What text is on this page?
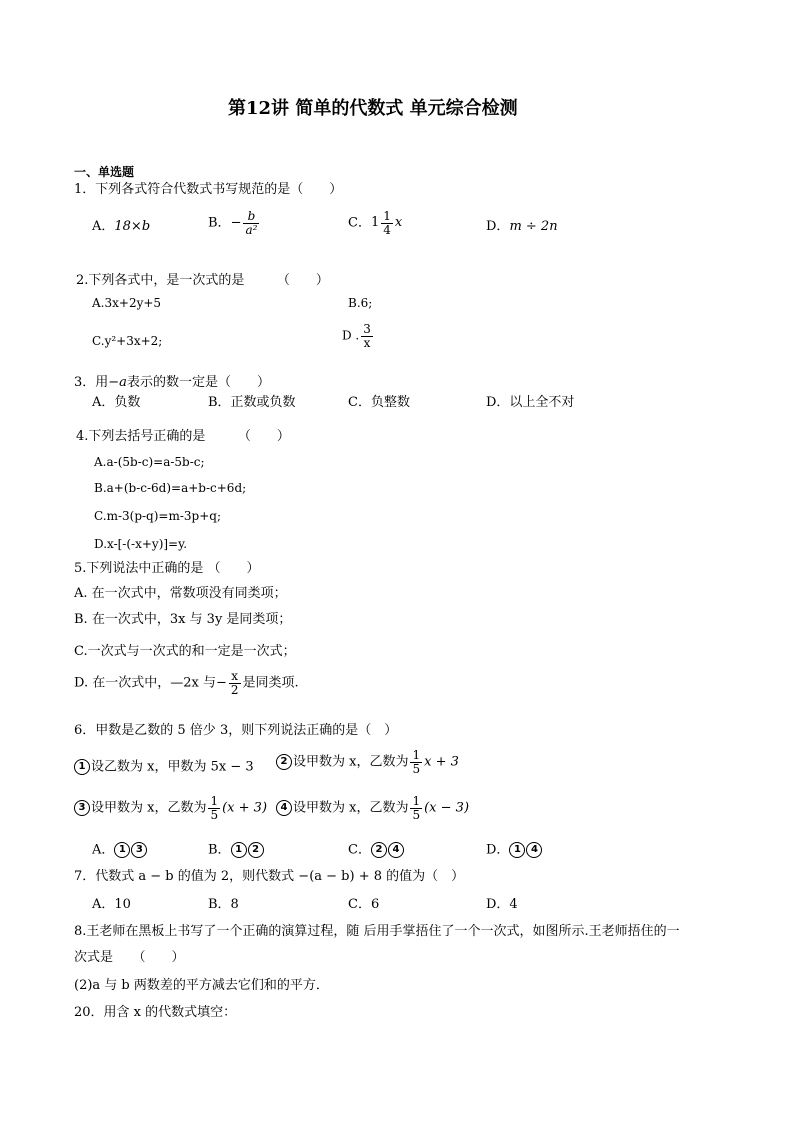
第12讲 简单的代数式 单元综合检测
一、单选题
1．下列各式符合代数式书写规范的是（　　）
A．18×b	B．− $\frac{b}{\text{a²}}$	C． $1 \frac{1}{4}$ x	D．m ÷ 2n
2.下列各式中，是一次式的是　　　（　　）
A.3x+2y+5	B.6;
C.y²+3x+2;	D . $\frac{3}{x}$
3．用−a表示的数一定是（　　）
A．负数	B．正数或负数	C．负整数	D．以上全不对
4.下列去括号正确的是　　　（　　）
A.a-(5b-c)=a-5b-c;
B.a+(b-c-6d)=a+b-c+6d;
C.m-3(p-q)=m-3p+q;
D.x-[-(-x+y)]=y.
5.下列说法中正确的是 （　　）
A. 在一次式中，常数项没有同类项；
B. 在一次式中，3x 与 3y 是同类项；
C.一次式与一次式的和一定是一次式；
D. 在一次式中，—2x 与− $\frac{x}{2}$ 是同类项.
6．甲数是乙数的 5 倍少 3，则下列说法正确的是（　）
1 设乙数为 x，甲数为 5x − 3	2 设甲数为 x，乙数为 $\frac{1}{5}$ x + 3
3 设甲数为 x，乙数为 $\frac{1}{5} (x + 3)$	4 设甲数为 x，乙数为 $\frac{1}{5} (x - 3)$
A． 1 3	B． 1 2	C． 2 4	D． 1 4
7．代数式 a − b 的值为 2，则代数式 −(a − b) + 8 的值为（　）
A．10	B．8	C．6	D．4
8.王老师在黑板上书写了一个正确的演算过程，随 后用手掌捂住了一个一次式，如图所示.王老师捂住的一
次式是　　（　　）
(2)a 与 b 两数差的平方减去它们和的平方．
20．用含 x 的代数式填空：
